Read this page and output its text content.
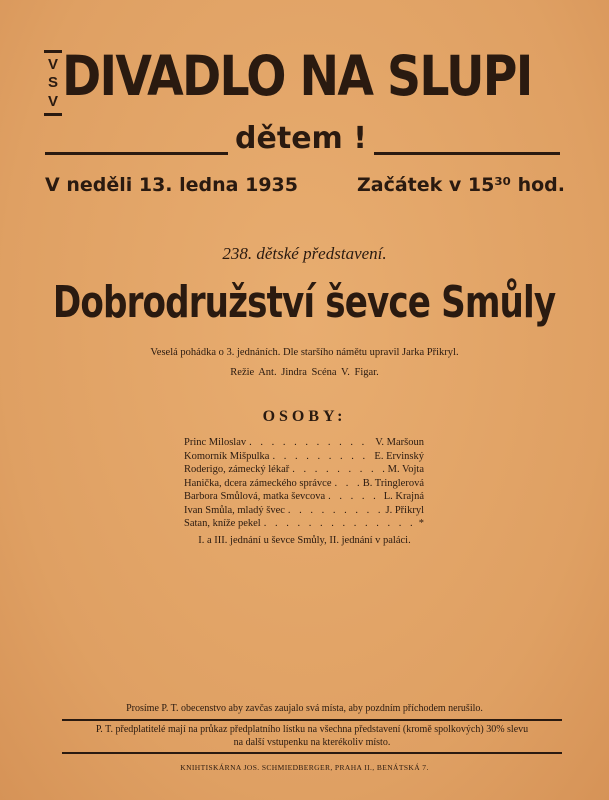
V
S
V DIVADLO NA SLUPI
dětem !
V neděli 13. ledna 1935	Začátek v 15³⁰ hod.
238. dětské představení.
Dobrodružství ševce Smůly
Veselá pohádka o 3. jednáních. Dle staršího námětu upravil Jarka Přikryl.
Režie Ant. Jindra Scéna V. Figar.
OSOBY:
Princ Miloslav . . .	V. Maršoun
Komorník Mišpulka . . .	E. Ervinský
Roderigo, zámecký lékař . . .	M. Vojta
Hanička, dcera zámeckého správce . . .	B. Tringlerová
Barbora Smůlová, matka ševcova . . .	L. Krajná
Ivan Smůla, mladý švec . . .	J. Přikryl
Satan, kníže pekel . . .	*
I. a III. jednání u ševce Smůly, II. jednání v paláci.
Prosíme P. T. obecenstvo aby zavčas zaujalo svá místa, aby pozdním příchodem nerušilo.
P. T. předplatitelé mají na průkaz předplatního lístku na všechna představení (kromě spolkových) 30% slevu
na další vstupenku na kterékoliv místo.
KNIHTISKÁRNA JOS. SCHMIEDBERGER, PRAHA II., BENÁTSKÁ 7.
